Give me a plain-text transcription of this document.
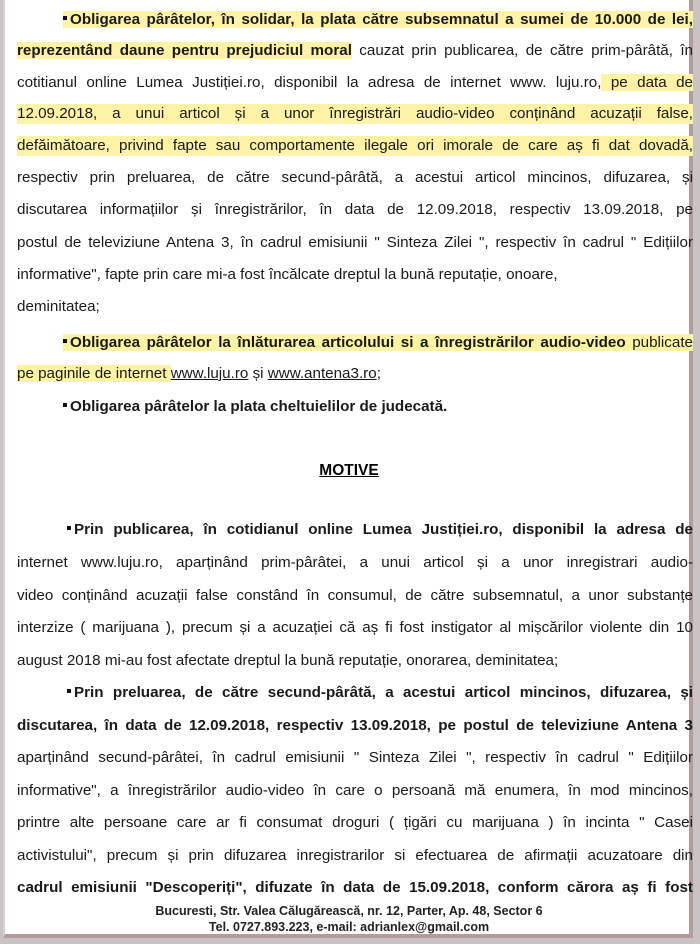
Obligarea pârâtelor, în solidar, la plata către subsemnatul a sumei de 10.000 de lei,
reprezentând daune pentru prejudiciul moral cauzat prin publicarea, de către prim-pârâtă, în
cotitianul online Lumea Justiției.ro, disponibil la adresa de internet www. luju.ro, pe data de
12.09.2018, a unui articol și a unor înregistrări audio-video conținând acuzații false,
defăimătoare, privind fapte sau comportamente ilegale ori imorale de care aș fi dat dovadă,
respectiv prin preluarea, de către secund-pârâtă, a acestui articol mincinos, difuzarea, și
discutarea informațiilor și înregistrărilor, în data de 12.09.2018, respectiv 13.09.2018, pe
postul de televiziune Antena 3, în cadrul emisiunii " Sinteza Zilei ", respectiv în cadrul " Edițiilor
informative", fapte prin care mi-a fost încălcate dreptul la bună reputație, onoare,
deminitatea;
Obligarea pârâtelor la înlăturarea articolului si a înregistrărilor audio-video publicate
pe paginile de internet www.luju.ro și www.antena3.ro;
Obligarea pârâtelor la plata cheltuielilor de judecată.
MOTIVE
Prin publicarea, în cotidianul online Lumea Justiției.ro, disponibil la adresa de
internet www.luju.ro, aparținând prim-pârâtei, a unui articol și a unor inregistrari audio-
video conținând acuzații false constând în consumul, de către subsemnatul, a unor substanțe
interzize ( marijuana ), precum și a acuzației că aș fi fost instigator al mișcărilor violente din 10
august 2018 mi-au fost afectate dreptul la bună reputație, onorarea, deminitatea;
Prin preluarea, de către secund-pârâtă, a acestui articol mincinos, difuzarea, și
discutarea, în data de 12.09.2018, respectiv 13.09.2018, pe postul de televiziune Antena 3
aparținând secund-pârâtei, în cadrul emisiunii " Sinteza Zilei ", respectiv în cadrul " Edițiilor
informative", a înregistrărilor audio-video în care o persoană mă enumera, în mod mincinos,
printre alte persoane care ar fi consumat droguri ( țigări cu marijuana ) în incinta " Casei
activistului", precum și prin difuzarea inregistrarilor si efectuarea de afirmații acuzatoare din
cadrul emisiunii "Descoperiți", difuzate în data de 15.09.2018, conform cărora aș fi fost
Bucuresti, Str. Valea Călugărească, nr. 12, Parter, Ap. 48, Sector 6
Tel. 0727.893.223, e-mail: adrianlex@gmail.com
